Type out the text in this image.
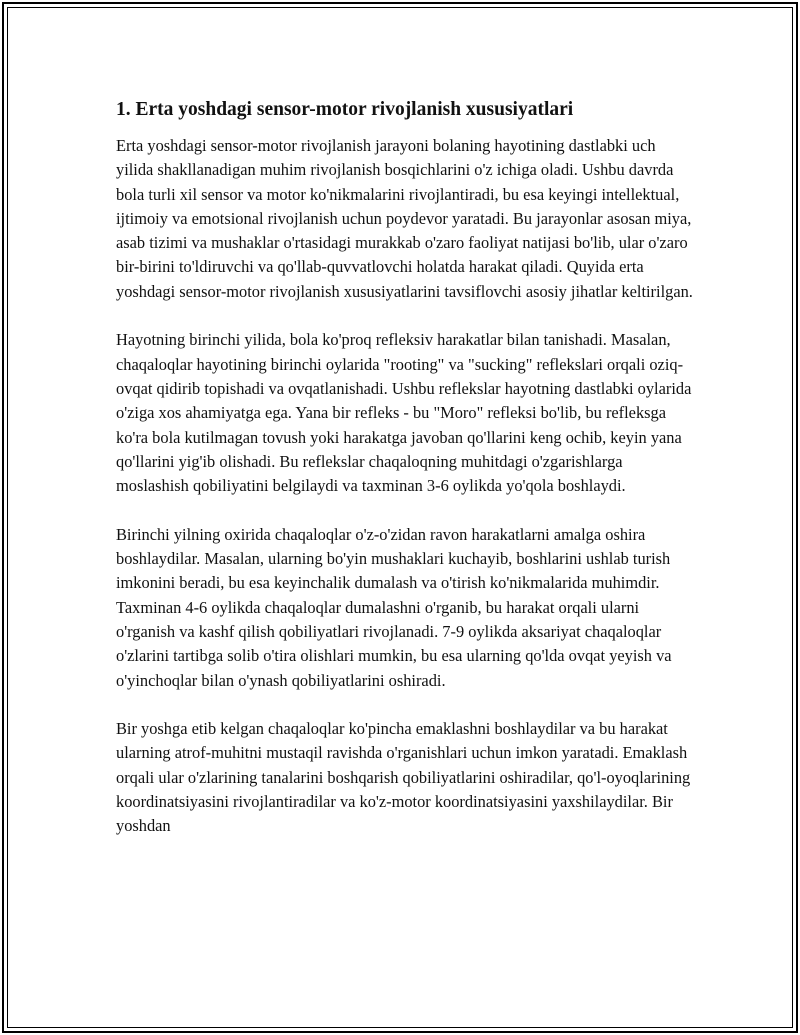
1. Erta yoshdagi sensor-motor rivojlanish xususiyatlari

Erta yoshdagi sensor-motor rivojlanish jarayoni bolaning hayotining dastlabki uch yilida shakllanadigan muhim rivojlanish bosqichlarini o'z ichiga oladi. Ushbu davrda bola turli xil sensor va motor ko'nikmalarini rivojlantiradi, bu esa keyingi intellektual, ijtimoiy va emotsional rivojlanish uchun poydevor yaratadi. Bu jarayonlar asosan miya, asab tizimi va mushaklar o'rtasidagi murakkab o'zaro faoliyat natijasi bo'lib, ular o'zaro bir-birini to'ldiruvchi va qo'llab-quvvatlovchi holatda harakat qiladi. Quyida erta yoshdagi sensor-motor rivojlanish xususiyatlarini tavsiflovchi asosiy jihatlar keltirilgan.

Hayotning birinchi yilida, bola ko'proq refleksiv harakatlar bilan tanishadi. Masalan, chaqaloqlar hayotining birinchi oylarida "rooting" va "sucking" reflekslari orqali oziq-ovqat qidirib topishadi va ovqatlanishadi. Ushbu reflekslar hayotning dastlabki oylarida o'ziga xos ahamiyatga ega. Yana bir refleks - bu "Moro" refleksi bo'lib, bu refleksga ko'ra bola kutilmagan tovush yoki harakatga javoban qo'llarini keng ochib, keyin yana qo'llarini yig'ib olishadi. Bu reflekslar chaqaloqning muhitdagi o'zgarishlarga moslashish qobiliyatini belgilaydi va taxminan 3-6 oylikda yo'qola boshlaydi.

Birinchi yilning oxirida chaqaloqlar o'z-o'zidan ravon harakatlarni amalga oshira boshlaydilar. Masalan, ularning bo'yin mushaklari kuchayib, boshlarini ushlab turish imkonini beradi, bu esa keyinchalik dumalash va o'tirish ko'nikmalarida muhimdir. Taxminan 4-6 oylikda chaqaloqlar dumalashni o'rganib, bu harakat orqali ularni o'rganish va kashf qilish qobiliyatlari rivojlanadi. 7-9 oylikda aksariyat chaqaloqlar o'zlarini tartibga solib o'tira olishlari mumkin, bu esa ularning qo'lda ovqat yeyish va o'yinchoqlar bilan o'ynash qobiliyatlarini oshiradi.

Bir yoshga etib kelgan chaqaloqlar ko'pincha emaklashni boshlaydilar va bu harakat ularning atrof-muhitni mustaqil ravishda o'rganishlari uchun imkon yaratadi. Emaklash orqali ular o'zlarining tanalarini boshqarish qobiliyatlarini oshiradilar, qo'l-oyoqlarining koordinatsiyasini rivojlantiradilar va ko'z-motor koordinatsiyasini yaxshilaydilar. Bir yoshdan
